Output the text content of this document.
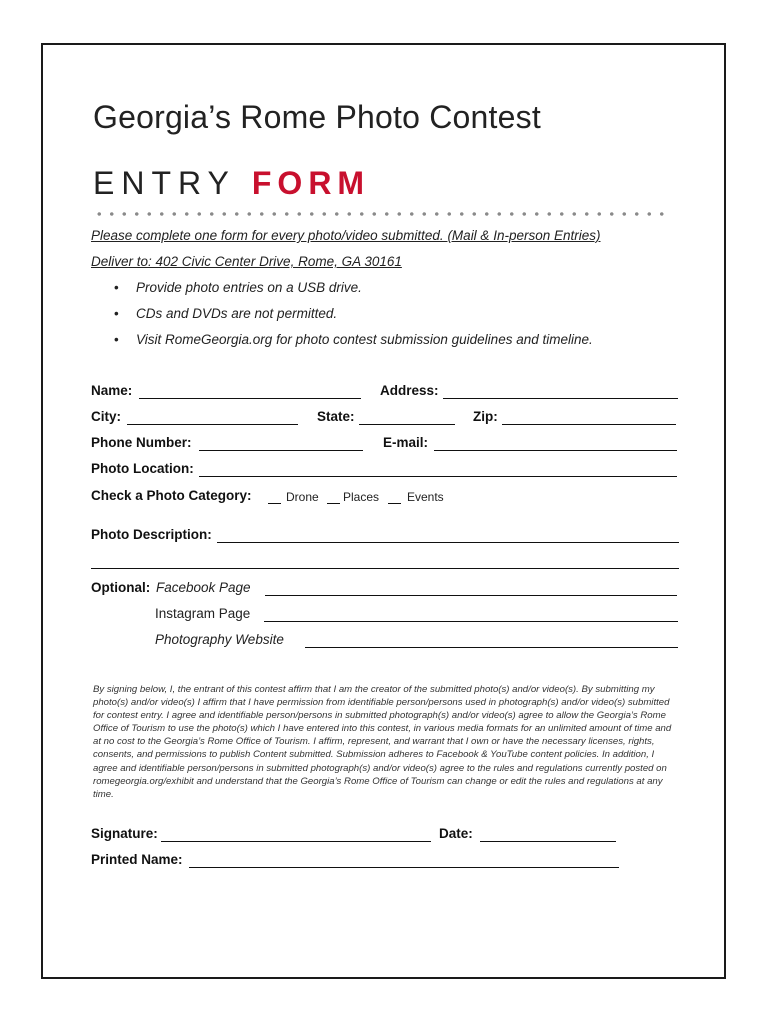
Georgia’s Rome Photo Contest
ENTRY FORM
Please complete one form for every photo/video submitted. (Mail & In-person Entries)
Deliver to: 402 Civic Center Drive, Rome, GA 30161
• Provide photo entries on a USB drive.
• CDs and DVDs are not permitted.
• Visit RomeGeorgia.org for photo contest submission guidelines and timeline.
Name:	Address:
City:	State:	Zip:
Phone Number:	E-mail:
Photo Location:
Check a Photo Category:	Drone Places Events
Photo Description:
Optional: Facebook Page
Instagram Page
Photography Website
By signing below, I, the entrant of this contest affirm that I am the creator of the submitted photo(s) and/or video(s). By submitting my photo(s) and/or video(s) I affirm that I have permission from identifiable person/persons used in photograph(s) and/or video(s) submitted for contest entry. I agree and identifiable person/persons in submitted photograph(s) and/or video(s) agree to allow the Georgia’s Rome Office of Tourism to use the photo(s) which I have entered into this contest, in various media formats for an unlimited amount of time and at no cost to the Georgia’s Rome Office of Tourism. I affirm, represent, and warrant that I own or have the necessary licenses, rights, consents, and permissions to publish Content submitted. Submission adheres to Facebook & YouTube content policies. In addition, I agree and identifiable person/persons in submitted photograph(s) and/or video(s) agree to the rules and regulations currently posted on romegeorgia.org/exhibit and understand that the Georgia’s Rome Office of Tourism can change or edit the rules and regulations at any time.
Signature:	Date:
Printed Name:
